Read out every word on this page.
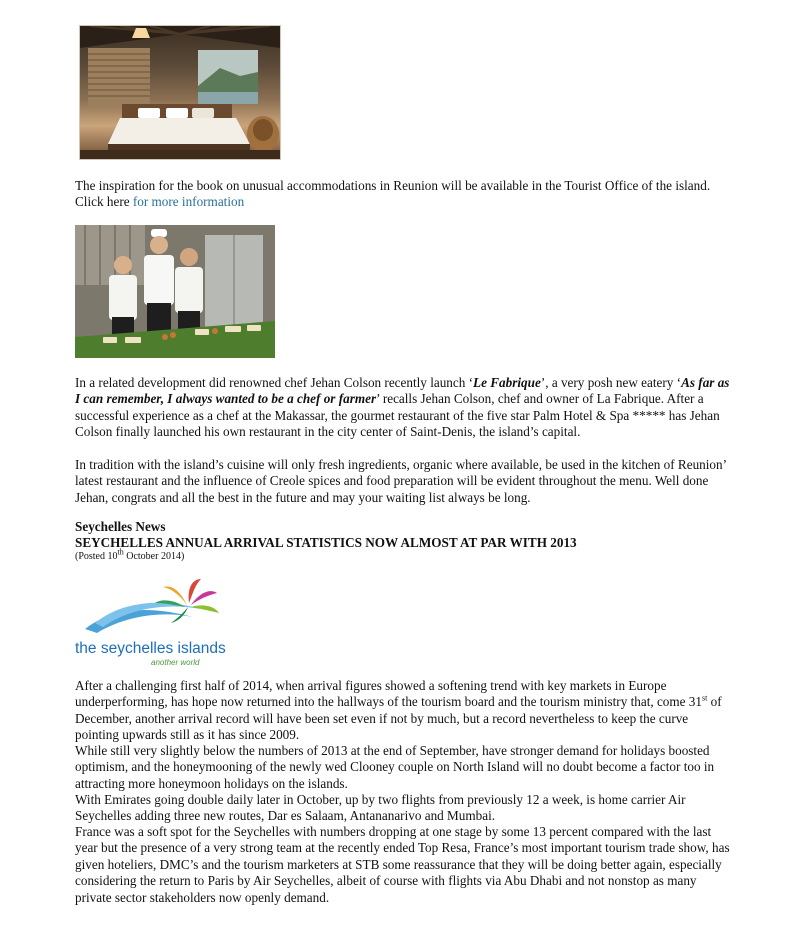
The inspiration for the book on unusual accommodations in Reunion will be available in the Tourist Office of the island. Click here for more information

In a related development did renowned chef Jehan Colson recently launch ‘Le Fabrique’, a very posh new eatery ‘As far as I can remember, I always wanted to be a chef or farmer’ recalls Jehan Colson, chef and owner of La Fabrique. After a successful experience as a chef at the Makassar, the gourmet restaurant of the five star Palm Hotel & Spa ***** has Jehan Colson finally launched his own restaurant in the city center of Saint-Denis, the island’s capital.

In tradition with the island’s cuisine will only fresh ingredients, organic where available, be used in the kitchen of Reunion’ latest restaurant and the influence of Creole spices and food preparation will be evident throughout the menu. Well done Jehan, congrats and all the best in the future and may your waiting list always be long.

Seychelles News

SEYCHELLES ANNUAL ARRIVAL STATISTICS NOW ALMOST AT PAR WITH 2013

(Posted 10th October 2014)

the seychelles islands
another world

After a challenging first half of 2014, when arrival figures showed a softening trend with key markets in Europe underperforming, has hope now returned into the hallways of the tourism board and the tourism ministry that, come 31st of December, another arrival record will have been set even if not by much, but a record nevertheless to keep the curve pointing upwards still as it has since 2009.

While still very slightly below the numbers of 2013 at the end of September, have stronger demand for holidays boosted optimism, and the honeymooning of the newly wed Clooney couple on North Island will no doubt become a factor too in attracting more honeymoon holidays on the islands.

With Emirates going double daily later in October, up by two flights from previously 12 a week, is home carrier Air Seychelles adding three new routes, Dar es Salaam, Antananarivo and Mumbai.

France was a soft spot for the Seychelles with numbers dropping at one stage by some 13 percent compared with the last year but the presence of a very strong team at the recently ended Top Resa, France’s most important tourism trade show, has given hoteliers, DMC’s and the tourism marketers at STB some reassurance that they will be doing better again, especially considering the return to Paris by Air Seychelles, albeit of course with flights via Abu Dhabi and not nonstop as many private sector stakeholders now openly demand.
